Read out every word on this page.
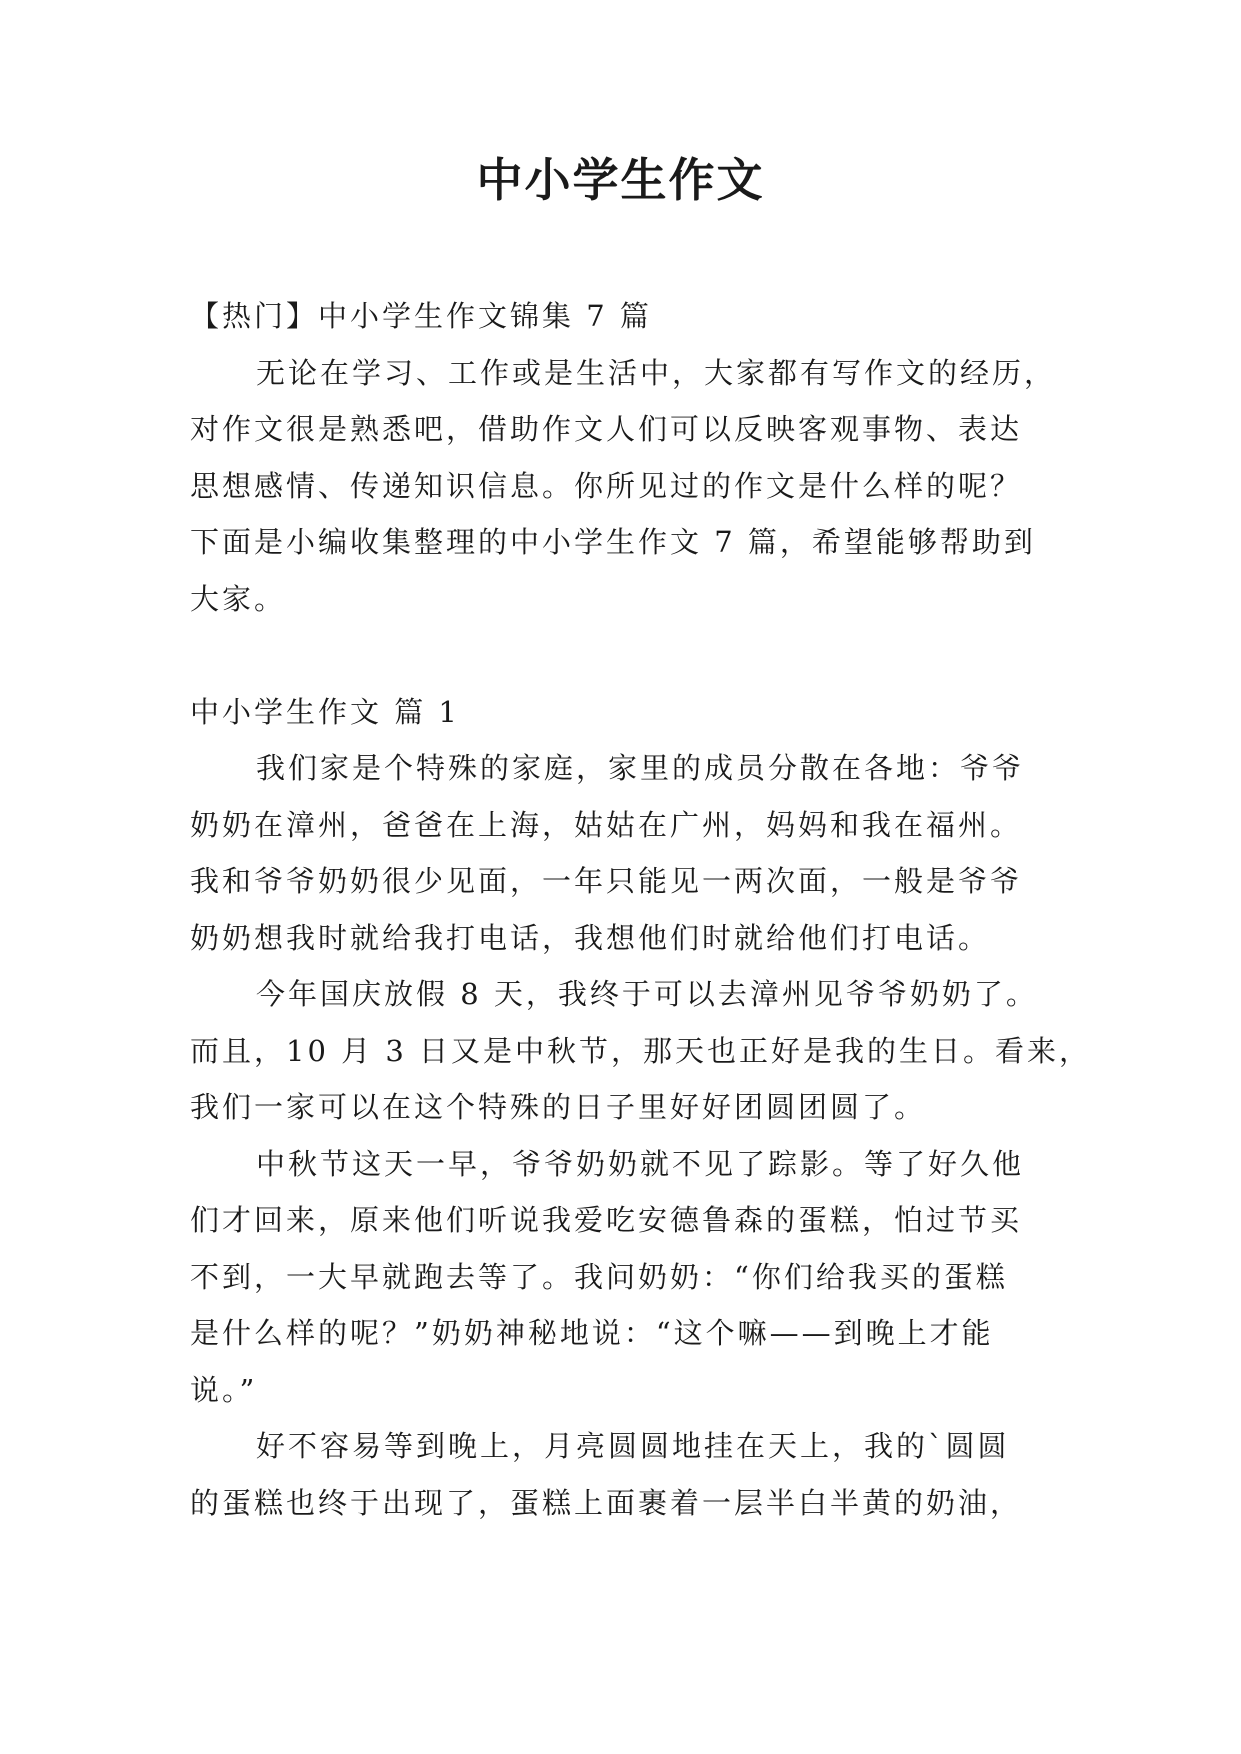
中小学生作文

【热门】中小学生作文锦集 7 篇

无论在学习、工作或是生活中，大家都有写作文的经历，

对作文很是熟悉吧，借助作文人们可以反映客观事物、表达

思想感情、传递知识信息。你所见过的作文是什么样的呢？

下面是小编收集整理的中小学生作文 7 篇，希望能够帮助到

大家。

中小学生作文 篇 1

我们家是个特殊的家庭，家里的成员分散在各地：爷爷

奶奶在漳州，爸爸在上海，姑姑在广州，妈妈和我在福州。

我和爷爷奶奶很少见面，一年只能见一两次面，一般是爷爷

奶奶想我时就给我打电话，我想他们时就给他们打电话。

今年国庆放假 8 天，我终于可以去漳州见爷爷奶奶了。

而且，10 月 3 日又是中秋节，那天也正好是我的生日。看来，

我们一家可以在这个特殊的日子里好好团圆团圆了。

中秋节这天一早，爷爷奶奶就不见了踪影。等了好久他

们才回来，原来他们听说我爱吃安德鲁森的蛋糕，怕过节买

不到，一大早就跑去等了。我问奶奶：“你们给我买的蛋糕

是什么样的呢？”奶奶神秘地说：“这个嘛——到晚上才能

说。”

好不容易等到晚上，月亮圆圆地挂在天上，我的`圆圆

的蛋糕也终于出现了，蛋糕上面裹着一层半白半黄的奶油，
